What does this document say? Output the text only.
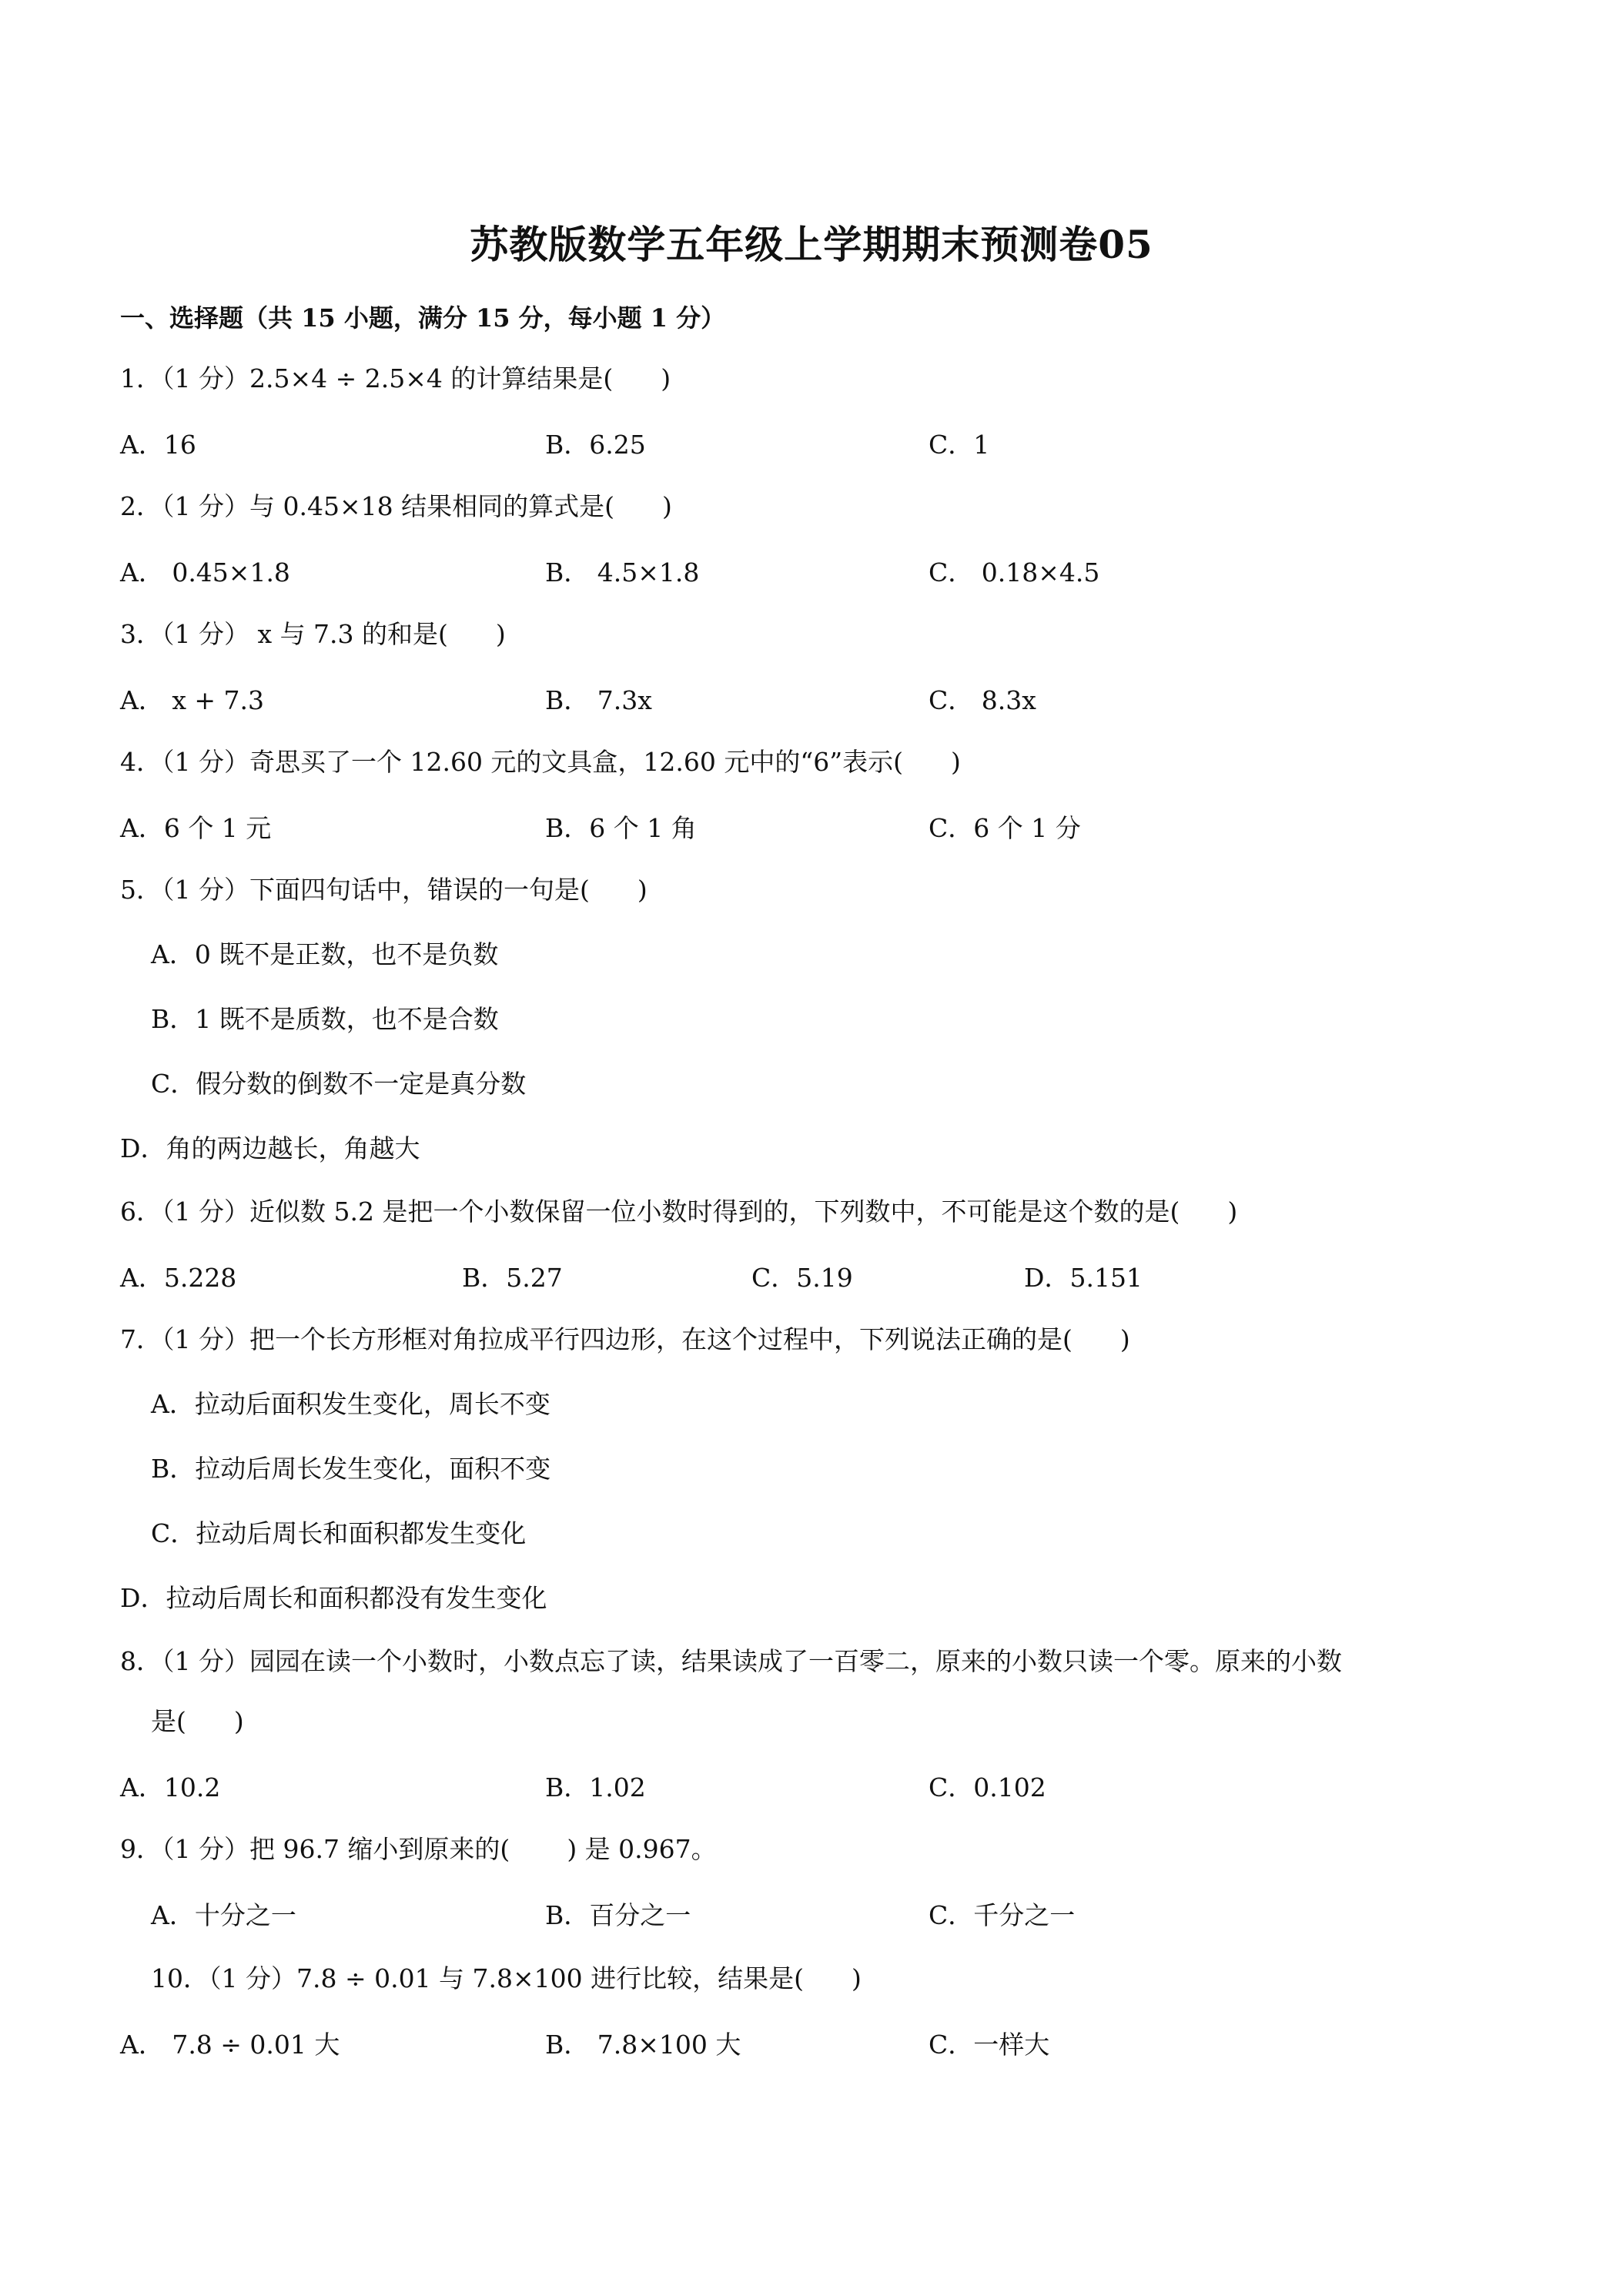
苏教版数学五年级上学期期末预测卷05
一、选择题（共 15 小题，满分 15 分，每小题 1 分）
1．（1 分）2.5×4 ÷ 2.5×4 的计算结果是( )
A．16	B．6.25	C．1
2．（1 分）与 0.45×18 结果相同的算式是( )
A． 0.45×1.8	B． 4.5×1.8	C． 0.18×4.5
3．（1 分） x 与 7.3 的和是( )
A． x + 7.3	B． 7.3x	C． 8.3x
4．（1 分）奇思买了一个 12.60 元的文具盒，12.60 元中的“6”表示( )
A．6 个 1 元	B．6 个 1 角	C．6 个 1 分
5．（1 分）下面四句话中，错误的一句是( )
A．0 既不是正数，也不是负数
B．1 既不是质数，也不是合数
C．假分数的倒数不一定是真分数
D．角的两边越长，角越大
6．（1 分）近似数 5.2 是把一个小数保留一位小数时得到的，下列数中，不可能是这个数的是( )
A．5.228	B．5.27	C．5.19	D．5.151
7．（1 分）把一个长方形框对角拉成平行四边形，在这个过程中，下列说法正确的是( )
A．拉动后面积发生变化，周长不变
B．拉动后周长发生变化，面积不变
C．拉动后周长和面积都发生变化
D．拉动后周长和面积都没有发生变化
8．（1 分）园园在读一个小数时，小数点忘了读，结果读成了一百零二，原来的小数只读一个零。原来的小数
是( )
A．10.2	B．1.02	C．0.102
9．（1 分）把 96.7 缩小到原来的( ) 是 0.967。
A．十分之一	B．百分之一	C．千分之一
10．（1 分）7.8 ÷ 0.01 与 7.8×100 进行比较，结果是( )
A． 7.8 ÷ 0.01 大	B． 7.8×100 大	C．一样大
